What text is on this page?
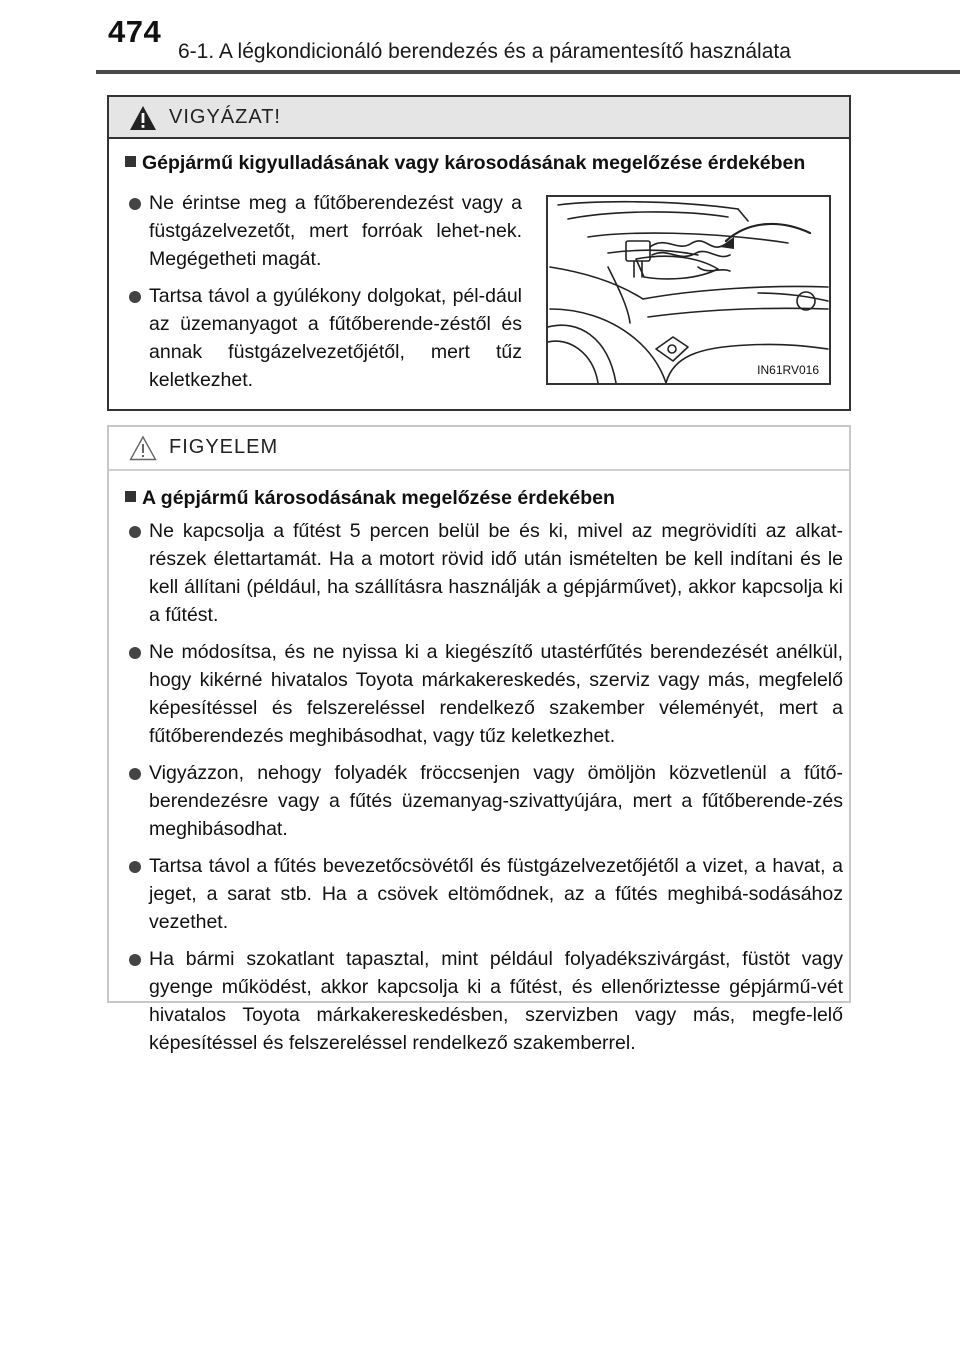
474
6-1. A légkondicionáló berendezés és a páramentesítő használata
VIGYÁZAT!
Gépjármű kigyulladásának vagy károsodásának megelőzése érdekében
Ne érintse meg a fűtőberendezést vagy a füstgázelvezetőt, mert forróak lehet-nek. Megégetheti magát.
Tartsa távol a gyúlékony dolgokat, pél-dául az üzemanyagot a fűtőberende-zéstől és annak füstgázelvezetőjétől, mert tűz keletkezhet.	IN61RV016
FIGYELEM
A gépjármű károsodásának megelőzése érdekében
Ne kapcsolja a fűtést 5 percen belül be és ki, mivel az megrövidíti az alkat-részek élettartamát. Ha a motort rövid idő után ismételten be kell indítani és le kell állítani (például, ha szállításra használják a gépjárművet), akkor kapcsolja ki a fűtést.
Ne módosítsa, és ne nyissa ki a kiegészítő utastérfűtés berendezését anélkül, hogy kikérné hivatalos Toyota márkakereskedés, szerviz vagy más, megfelelő képesítéssel és felszereléssel rendelkező szakember véleményét, mert a fűtőberendezés meghibásodhat, vagy tűz keletkezhet.
Vigyázzon, nehogy folyadék fröccsenjen vagy ömöljön közvetlenül a fűtő-berendezésre vagy a fűtés üzemanyag-szivattyújára, mert a fűtőberende-zés meghibásodhat.
Tartsa távol a fűtés bevezetőcsövétől és füstgázelvezetőjétől a vizet, a havat, a jeget, a sarat stb. Ha a csövek eltömődnek, az a fűtés meghibá-sodásához vezethet.
Ha bármi szokatlant tapasztal, mint például folyadékszivárgást, füstöt vagy gyenge működést, akkor kapcsolja ki a fűtést, és ellenőriztesse gépjármű-vét hivatalos Toyota márkakereskedésben, szervizben vagy más, megfe-lelő képesítéssel és felszereléssel rendelkező szakemberrel.
